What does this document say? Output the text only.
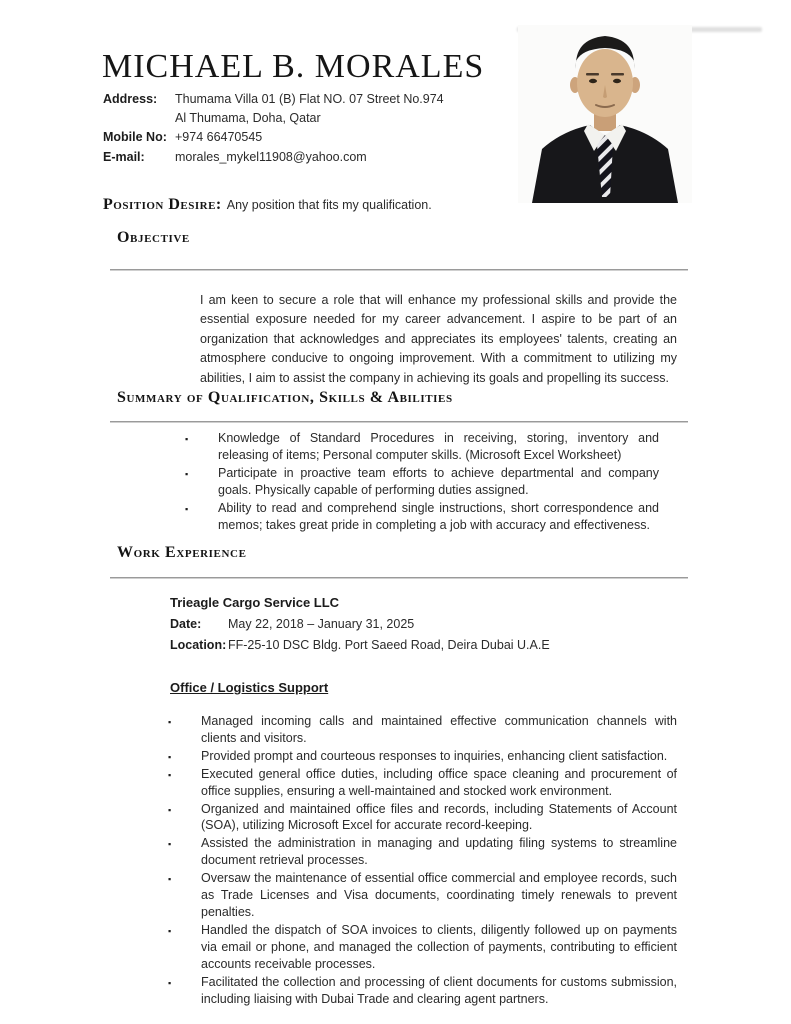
MICHAEL B. MORALES
Address:	Thumama Villa 01 (B) Flat NO. 07 Street No.974
Al Thumama, Doha, Qatar
Mobile No: +974 66470545
E-mail:	morales_mykel11908@yahoo.com
Position Desire: Any position that fits my qualification.
Objective

I am keen to secure a role that will enhance my professional skills and provide the essential exposure needed for my career advancement. I aspire to be part of an organization that acknowledges and appreciates its employees' talents, creating an atmosphere conducive to ongoing improvement. With a commitment to utilizing my abilities, I aim to assist the company in achieving its goals and propelling its success.

Summary of Qualification, Skills & Abilities
▪ Knowledge of Standard Procedures in receiving, storing, inventory and releasing of items; Personal computer skills. (Microsoft Excel Worksheet)
▪ Participate in proactive team efforts to achieve departmental and company goals. Physically capable of performing duties assigned.
▪ Ability to read and comprehend single instructions, short correspondence and memos; takes great pride in completing a job with accuracy and effectiveness.
Work Experience
Trieagle Cargo Service LLC
Date:	May 22, 2018 – January 31, 2025
Location: FF-25-10 DSC Bldg. Port Saeed Road, Deira Dubai U.A.E
Office / Logistics Support
▪ Managed incoming calls and maintained effective communication channels with clients and visitors.
▪ Provided prompt and courteous responses to inquiries, enhancing client satisfaction.
▪ Executed general office duties, including office space cleaning and procurement of office supplies, ensuring a well-maintained and stocked work environment.
▪ Organized and maintained office files and records, including Statements of Account (SOA), utilizing Microsoft Excel for accurate record-keeping.
▪ Assisted the administration in managing and updating filing systems to streamline document retrieval processes.
▪ Oversaw the maintenance of essential office commercial and employee records, such as Trade Licenses and Visa documents, coordinating timely renewals to prevent penalties.
▪ Handled the dispatch of SOA invoices to clients, diligently followed up on payments via email or phone, and managed the collection of payments, contributing to efficient accounts receivable processes.
▪ Facilitated the collection and processing of client documents for customs submission, including liaising with Dubai Trade and clearing agent partners.
